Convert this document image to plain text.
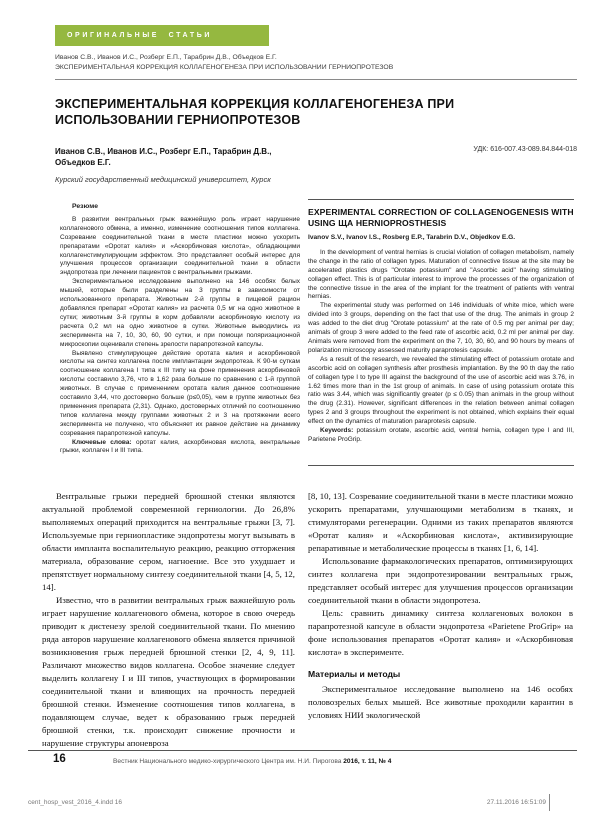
ОРИГИНАЛЬНЫЕ СТАТЬИ
Иванов С.В., Иванов И.С., Розберг Е.П., Тарабрин Д.В., Объедков Е.Г.
ЭКСПЕРИМЕНТАЛЬНАЯ КОРРЕКЦИЯ КОЛЛАГЕНОГЕНЕЗА ПРИ ИСПОЛЬЗОВАНИИ ГЕРНИОПРОТЕЗОВ
ЭКСПЕРИМЕНТАЛЬНАЯ КОРРЕКЦИЯ КОЛЛАГЕНОГЕНЕЗА ПРИ ИСПОЛЬЗОВАНИИ ГЕРНИОПРОТЕЗОВ
Иванов С.В., Иванов И.С., Розберг Е.П., Тарабрин Д.В., Объедков Е.Г.
УДК: 616-007.43-089.84.844-018
Курский государственный медицинский университет, Курск
Резюме

В развитии вентральных грыж важнейшую роль играет нарушение коллагенового обмена, а именно, изменение соотношения типов коллагена. Созревание соединительной ткани в месте пластики можно ускорить препаратами «Оротат калия» и «Аскорбиновая кислота», обладающими коллагенстимулирующим эффектом. Это представляет особый интерес для улучшения процессов организации соединительной ткани в области эндопротеза при лечении пациентов с вентральными грыжами.

Экспериментальное исследование выполнено на 146 особях белых мышей, которые были разделены на 3 группы в зависимости от использованного препарата. Животным 2-й группы в пищевой рацион добавлялся препарат «Оротат калия» из расчета 0,5 мг на одно животное в сутки; животным 3-й группы в корм добавляли аскорбиновую кислоту из расчета 0,2 мл на одно животное в сутки. Животные выводились из эксперимента на 7, 10, 30, 60, 90 сутки, и при помощи поляризационной микроскопии оценивали степень зрелости парапротезной капсулы.

Выявлено стимулирующее действие оротата калия и аскорбиновой кислоты на синтез коллагена после имплантации эндопротеза. К 90-м суткам соотношение коллагена I типа к III типу на фоне применения аскорбиновой кислоты составило 3,76, что в 1,62 раза больше по сравнению с 1-й группой животных. В случае с применением оротата калия данное соотношение составило 3,44, что достоверно больше (p≤0,05), чем в группе животных без применения препарата (2,31). Однако, достоверных отличий по соотношению типов коллагена между группами животных 2 и 3 на протяжении всего эксперимента не получено, что объясняет их равное действие на динамику созревания парапротезной капсулы.

Ключевые слова: оротат калия, аскорбиновая кислота, вентральные грыжи, коллаген I и III типа.

EXPERIMENTAL CORRECTION OF COLLAGENOGENESIS WITH USING ЩА HERNIOPROSTHESIS
Ivanov S.V., Ivanov I.S., Rosberg E.P., Tarabrin D.V., Objedkov E.G.

In the development of ventral hernias is crucial violation of collagen metabolism, namely the change in the ratio of collagen types. Maturation of connective tissue at the site may be accelerated plastics drugs "Orotate potassium" and "Ascorbic acid" having stimulating collagen effect. This is of particular interest to improve the processes of the organization of the connective tissue in the area of the implant for the treatment of patients with ventral hernias.

The experimental study was performed on 146 individuals of white mice, which were divided into 3 groups, depending on the fact that use of the drug. The animals in group 2 was added to the diet drug "Orotate potassium" at the rate of 0.5 mg per animal per day; animals of group 3 were added to the feed rate of ascorbic acid, 0.2 ml per animal per day. Animals were removed from the experiment on the 7, 10, 30, 60, and 90 hours by means of polarization microscopy assessed maturity paraprotesis capsule.

As a result of the research, we revealed the stimulating effect of potassium orotate and ascorbic acid on collagen synthesis after prosthesis implantation. By the 90 th day the ratio of collagen type I to type III against the background of the use of ascorbic acid was 3.76, in 1.62 times more than in the 1st group of animals. In case of using potassium orotate this ratio was 3.44, which was significantly greater (p ≤ 0.05) than animals in the group without the drug (2.31). However, significant differences in the relation between animal collagen types 2 and 3 groups throughout the experiment is not obtained, which explains their equal effect on the dynamics of maturation paraprotesis capsule.

Keywords: potassium orotate, ascorbic acid, ventral hernia, collagen type I and III, Parietene ProGrip.

Вентральные грыжи передней брюшной стенки являются актуальной проблемой современной герниологии. До 26,8% выполняемых операций приходится на вентральные грыжи [3, 7]. Используемые при герниопластике эндопротезы могут вызывать в области импланта воспалительную реакцию, реакцию отторжения материала, образование сером, нагноение. Все это ухудшает и препятствует нормальному синтезу соединительной ткани [4, 5, 12, 14].

Известно, что в развитии вентральных грыж важнейшую роль играет нарушение коллагенового обмена, которое в свою очередь приводит к дистенезу зрелой соединительной ткани. По мнению ряда авторов нарушение коллагенового обмена является причиной возникновения грыж передней брюшной стенки [2, 4, 9, 11]. Различают множество видов коллагена. Особое значение следует выделить коллагену I и III типов, участвующих в формировании соединительной ткани и влияющих на прочность передней брюшной стенки. Изменение соотношения типов коллагена, в подавляющем случае, ведет к образованию грыж передней брюшной стенки, т.к. происходит снижение прочности и нарушение структуры апоневроза

[8, 10, 13]. Созревание соединительной ткани в месте пластики можно ускорить препаратами, улучшающими метаболизм в тканях, и стимуляторами регенерации. Одними из таких препаратов являются «Оротат калия» и «Аскорбиновая кислота», активизирующие репаративные и метаболические процессы в тканях [1, 6, 14].

Использование фармакологических препаратов, оптимизирующих синтез коллагена при эндопротезировании вентральных грыж, представляет особый интерес для улучшения процессов организации соединительной ткани в области эндопротеза.

Цель: сравнить динамику синтеза коллагеновых волокон в парапротезной капсуле в области эндопротеза «Parietene ProGrip» на фоне использования препаратов «Оротат калия» и «Аскорбиновая кислота» в эксперименте.

Материалы и методы

Экспериментальное исследование выполнено на 146 особях половозрелых белых мышей. Все животные проходили карантин в условиях НИИ экологической

16	Вестник Национального медико-хирургического Центра им. Н.И. Пирогова 2016, т. 11, № 4
cent_hosp_vest_2016_4.indd 16	27.11.2016 16:51:09
